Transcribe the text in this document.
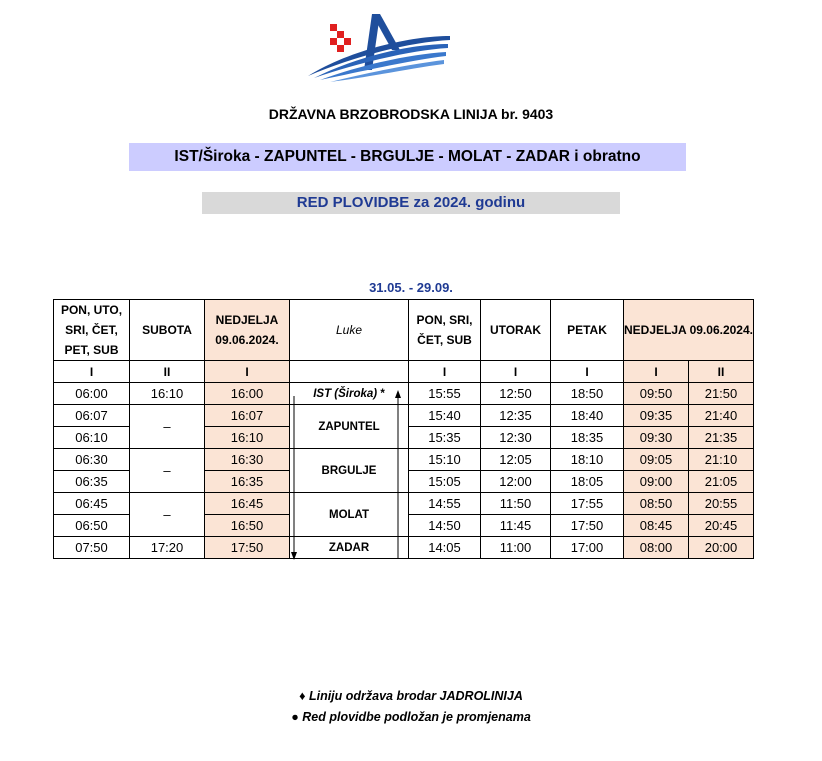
DRŽAVNA BRZOBRODSKA LINIJA br. 9403
IST/Široka - ZAPUNTEL - BRGULJE - MOLAT - ZADAR i obratno
RED PLOVIDBE za 2024. godinu
31.05. - 29.09.
PON, UTO, SRI, ČET, PET, SUB	SUBOTA	NEDJELJA 09.06.2024.	Luke	PON, SRI, ČET, SUB	UTORAK	PETAK	NEDJELJA 09.06.2024.	
I	II	I		I	I	I	I	II
06:00	16:10	16:00	IST (Široka) *	15:55	12:50	18:50	09:50	21:50
06:07	–	16:07	ZAPUNTEL	15:40	12:35	18:40	09:35	21:40
06:10		16:10		15:35	12:30	18:35	09:30	21:35
06:30	–	16:30	BRGULJE	15:10	12:05	18:10	09:05	21:10
06:35		16:35		15:05	12:00	18:05	09:00	21:05
06:45	–	16:45	MOLAT	14:55	11:50	17:55	08:50	20:55
06:50		16:50		14:50	11:45	17:50	08:45	20:45
07:50	17:20	17:50	ZADAR	14:05	11:00	17:00	08:00	20:00
♦ Liniju održava brodar JADROLINIJA
● Red plovidbe podložan je promjenama
